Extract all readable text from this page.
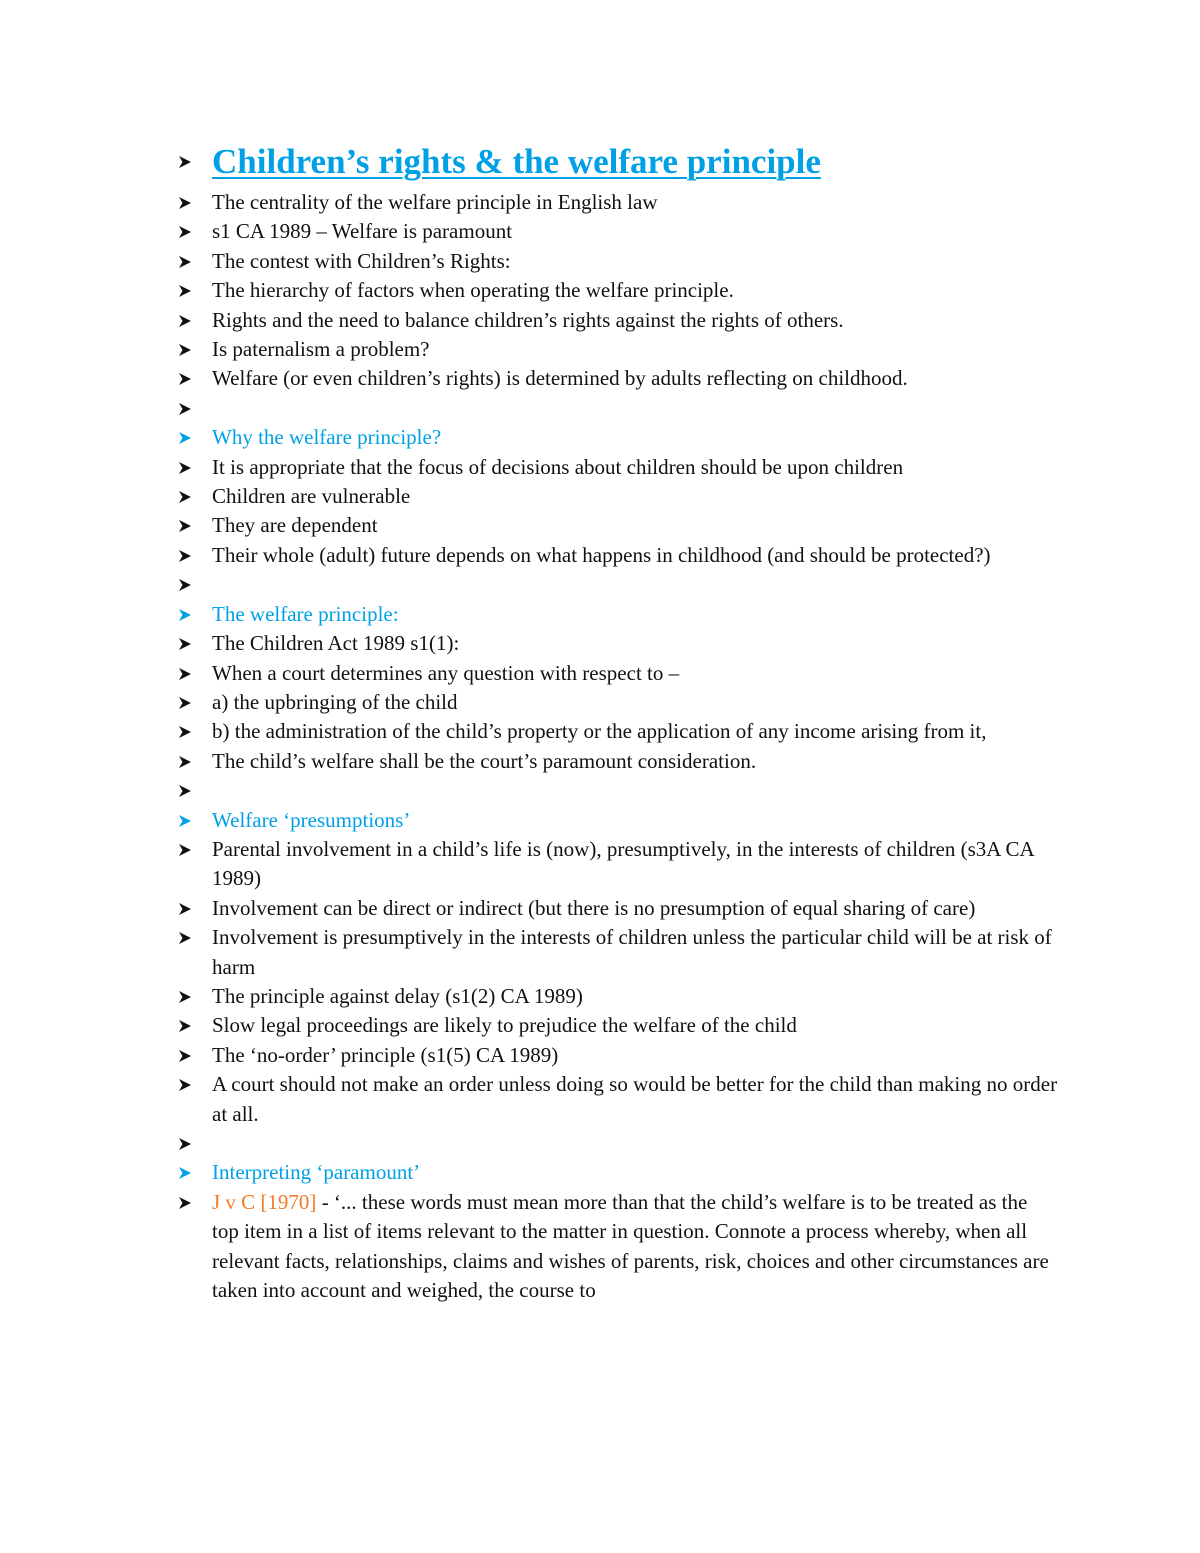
Children’s rights & the welfare principle
The centrality of the welfare principle in English law
s1 CA 1989 – Welfare is paramount
The contest with Children’s Rights:
The hierarchy of factors when operating the welfare principle.
Rights and the need to balance children’s rights against the rights of others.
Is paternalism a problem?
Welfare (or even children’s rights) is determined by adults reflecting on childhood.

Why the welfare principle?
It is appropriate that the focus of decisions about children should be upon children
Children are vulnerable
They are dependent
Their whole (adult) future depends on what happens in childhood (and should be protected?)

The welfare principle:
The Children Act 1989 s1(1):
When a court determines any question with respect to –
a) the upbringing of the child
b) the administration of the child’s property or the application of any income arising from it,
The child’s welfare shall be the court’s paramount consideration.

Welfare ‘presumptions’
Parental involvement in a child’s life is (now), presumptively, in the interests of children (s3A CA 1989)
Involvement can be direct or indirect (but there is no presumption of equal sharing of care)
Involvement is presumptively in the interests of children unless the particular child will be at risk of harm
The principle against delay (s1(2) CA 1989)
Slow legal proceedings are likely to prejudice the welfare of the child
The ‘no-order’ principle (s1(5) CA 1989)
A court should not make an order unless doing so would be better for the child than making no order at all.

Interpreting ‘paramount’
J v C [1970] - ‘... these words must mean more than that the child’s welfare is to be treated as the top item in a list of items relevant to the matter in question. Connote a process whereby, when all relevant facts, relationships, claims and wishes of parents, risk, choices and other circumstances are taken into account and weighed, the course to
